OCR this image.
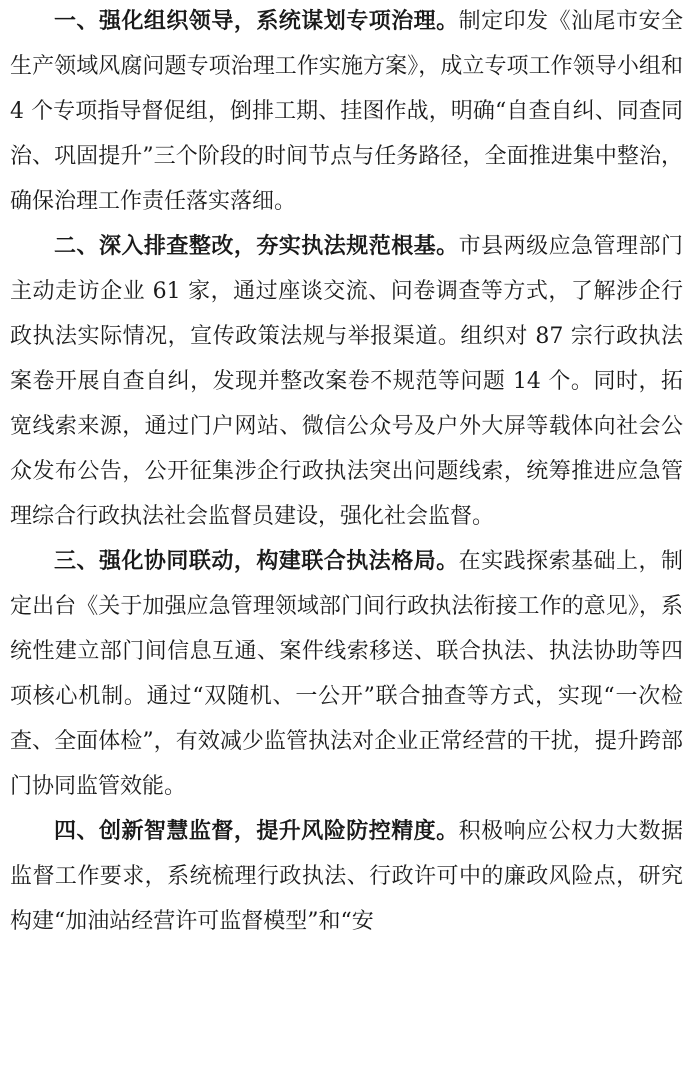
一、强化组织领导，系统谋划专项治理。制定印发《汕尾市安全生产领域风腐问题专项治理工作实施方案》，成立专项工作领导小组和 4 个专项指导督促组，倒排工期、挂图作战，明确“自查自纠、同查同治、巩固提升”三个阶段的时间节点与任务路径，全面推进集中整治，确保治理工作责任落实落细。

二、深入排查整改，夯实执法规范根基。市县两级应急管理部门主动走访企业 61 家，通过座谈交流、问卷调查等方式，了解涉企行政执法实际情况，宣传政策法规与举报渠道。组织对 87 宗行政执法案卷开展自查自纠，发现并整改案卷不规范等问题 14 个。同时，拓宽线索来源，通过门户网站、微信公众号及户外大屏等载体向社会公众发布公告，公开征集涉企行政执法突出问题线索，统筹推进应急管理综合行政执法社会监督员建设，强化社会监督。

三、强化协同联动，构建联合执法格局。在实践探索基础上，制定出台《关于加强应急管理领域部门间行政执法衔接工作的意见》，系统性建立部门间信息互通、案件线索移送、联合执法、执法协助等四项核心机制。通过“双随机、一公开”联合抽查等方式，实现“一次检查、全面体检”，有效减少监管执法对企业正常经营的干扰，提升跨部门协同监管效能。

四、创新智慧监督，提升风险防控精度。积极响应公权力大数据监督工作要求，系统梳理行政执法、行政许可中的廉政风险点，研究构建“加油站经营许可监督模型”和“安
